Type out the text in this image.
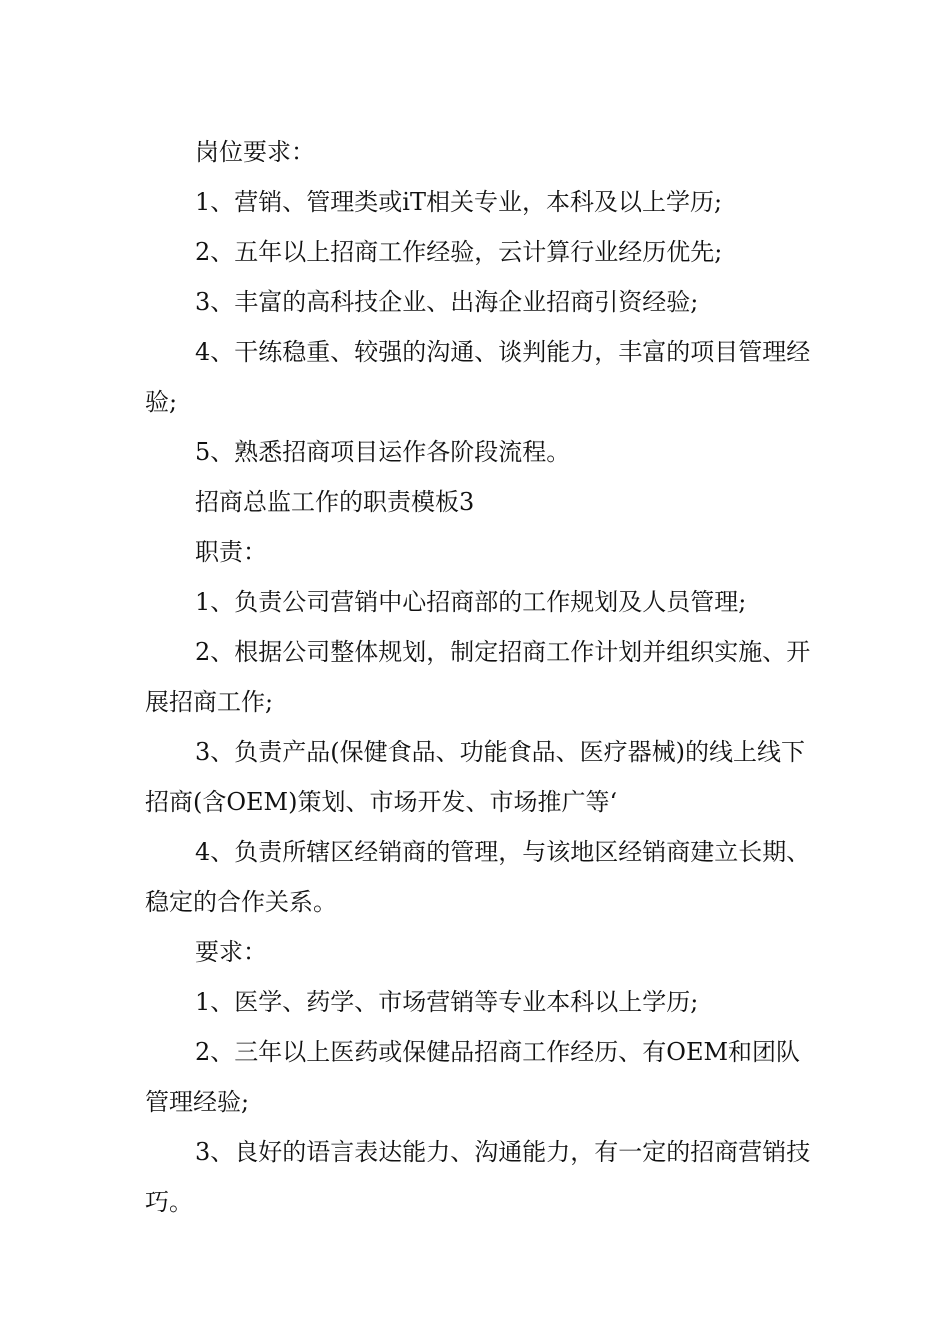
岗位要求：

1、营销、管理类或iT相关专业，本科及以上学历;

2、五年以上招商工作经验，云计算行业经历优先;

3、丰富的高科技企业、出海企业招商引资经验;

4、干练稳重、较强的沟通、谈判能力，丰富的项目管理经验;

5、熟悉招商项目运作各阶段流程。

招商总监工作的职责模板3

职责：

1、负责公司营销中心招商部的工作规划及人员管理;

2、根据公司整体规划，制定招商工作计划并组织实施、开展招商工作;

3、负责产品(保健食品、功能食品、医疗器械)的线上线下招商(含OEM)策划、市场开发、市场推广等‘

4、负责所辖区经销商的管理，与该地区经销商建立长期、稳定的合作关系。

要求：

1、医学、药学、市场营销等专业本科以上学历;

2、三年以上医药或保健品招商工作经历、有OEM和团队管理经验;

3、良好的语言表达能力、沟通能力，有一定的招商营销技巧。
